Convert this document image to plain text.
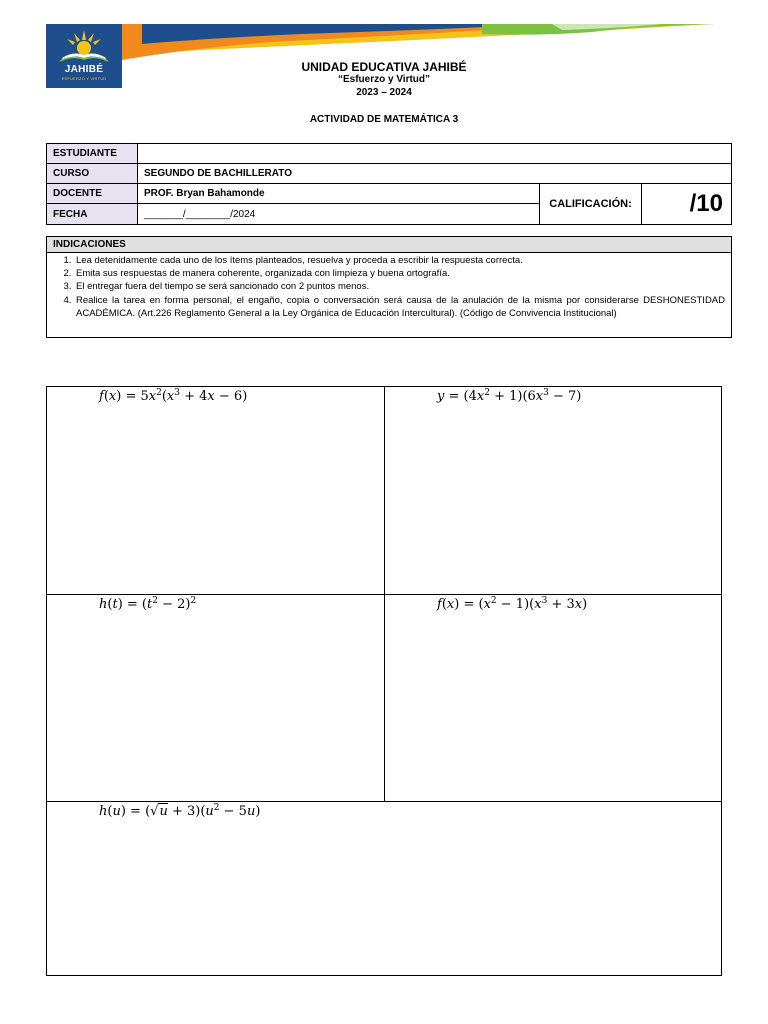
JAHIBÉ
ESFUERZO Y VIRTUD
UNIDAD EDUCATIVA JAHIBÉ
“Esfuerzo y Virtud”
2023 – 2024
ACTIVIDAD DE MATEMÁTICA 3
ESTUDIANTE
CURSO	SEGUNDO DE BACHILLERATO
DOCENTE	PROF. Bryan Bahamonde
FECHA	_______/________/2024
CALIFICACIÓN:	/10
INDICACIONES
1. Lea detenidamente cada uno de los ítems planteados, resuelva y proceda a escribir la respuesta correcta.
2. Emita sus respuestas de manera coherente, organizada con limpieza y buena ortografía.
3. El entregar fuera del tiempo se será sancionado con 2 puntos menos.
4. Realice la tarea en forma personal, el engaño, copia o conversación será causa de la anulación de la misma por considerarse DESHONESTIDAD ACADÉMICA. (Art.226 Reglamento General a la Ley Orgánica de Educación Intercultural). (Código de Convivencia Institucional)
$f(x) = 5x^2(x^3 + 4x - 6)$	$y = (4x^2 + 1)(6x^3 - 7)$
$h(t) = (t^2 - 2)^2$	$f(x) = (x^2 - 1)(x^3 + 3x)$
$h(u) = (√u + 3)(u^2 - 5u)$
